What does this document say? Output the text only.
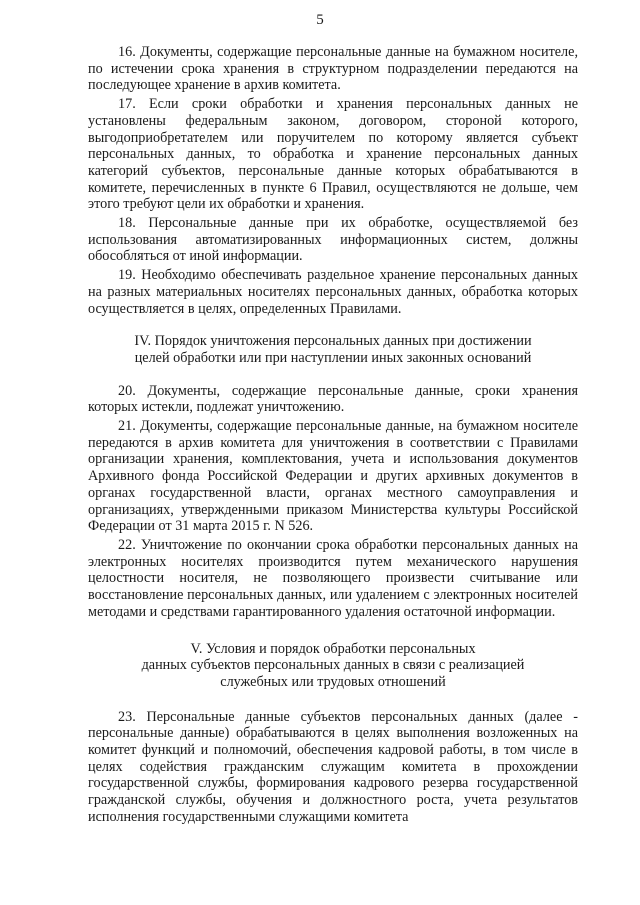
5

16. Документы, содержащие персональные данные на бумажном носителе, по истечении срока хранения в структурном подразделении передаются на последующее хранение в архив комитета.

17. Если сроки обработки и хранения персональных данных не установлены федеральным законом, договором, стороной которого, выгодоприобретателем или поручителем по которому является субъект персональных данных, то обработка и хранение персональных данных категорий субъектов, персональные данные которых обрабатываются в комитете, перечисленных в пункте 6 Правил, осуществляются не дольше, чем этого требуют цели их обработки и хранения.

18. Персональные данные при их обработке, осуществляемой без использования автоматизированных информационных систем, должны обособляться от иной информации.

19. Необходимо обеспечивать раздельное хранение персональных данных на разных материальных носителях персональных данных, обработка которых осуществляется в целях, определенных Правилами.

IV. Порядок уничтожения персональных данных при достижении
целей обработки или при наступлении иных законных оснований

20. Документы, содержащие персональные данные, сроки хранения которых истекли, подлежат уничтожению.

21. Документы, содержащие персональные данные, на бумажном носителе передаются в архив комитета для уничтожения в соответствии с Правилами организации хранения, комплектования, учета и использования документов Архивного фонда Российской Федерации и других архивных документов в органах государственной власти, органах местного самоуправления и организациях, утвержденными приказом Министерства культуры Российской Федерации от 31 марта 2015 г. N 526.

22. Уничтожение по окончании срока обработки персональных данных на электронных носителях производится путем механического нарушения целостности носителя, не позволяющего произвести считывание или восстановление персональных данных, или удалением с электронных носителей методами и средствами гарантированного удаления остаточной информации.

V. Условия и порядок обработки персональных
данных субъектов персональных данных в связи с реализацией
служебных или трудовых отношений

23. Персональные данные субъектов персональных данных (далее - персональные данные) обрабатываются в целях выполнения возложенных на комитет функций и полномочий, обеспечения кадровой работы, в том числе в целях содействия гражданским служащим комитета в прохождении государственной службы, формирования кадрового резерва государственной гражданской службы, обучения и должностного роста, учета результатов исполнения государственными служащими комитета
